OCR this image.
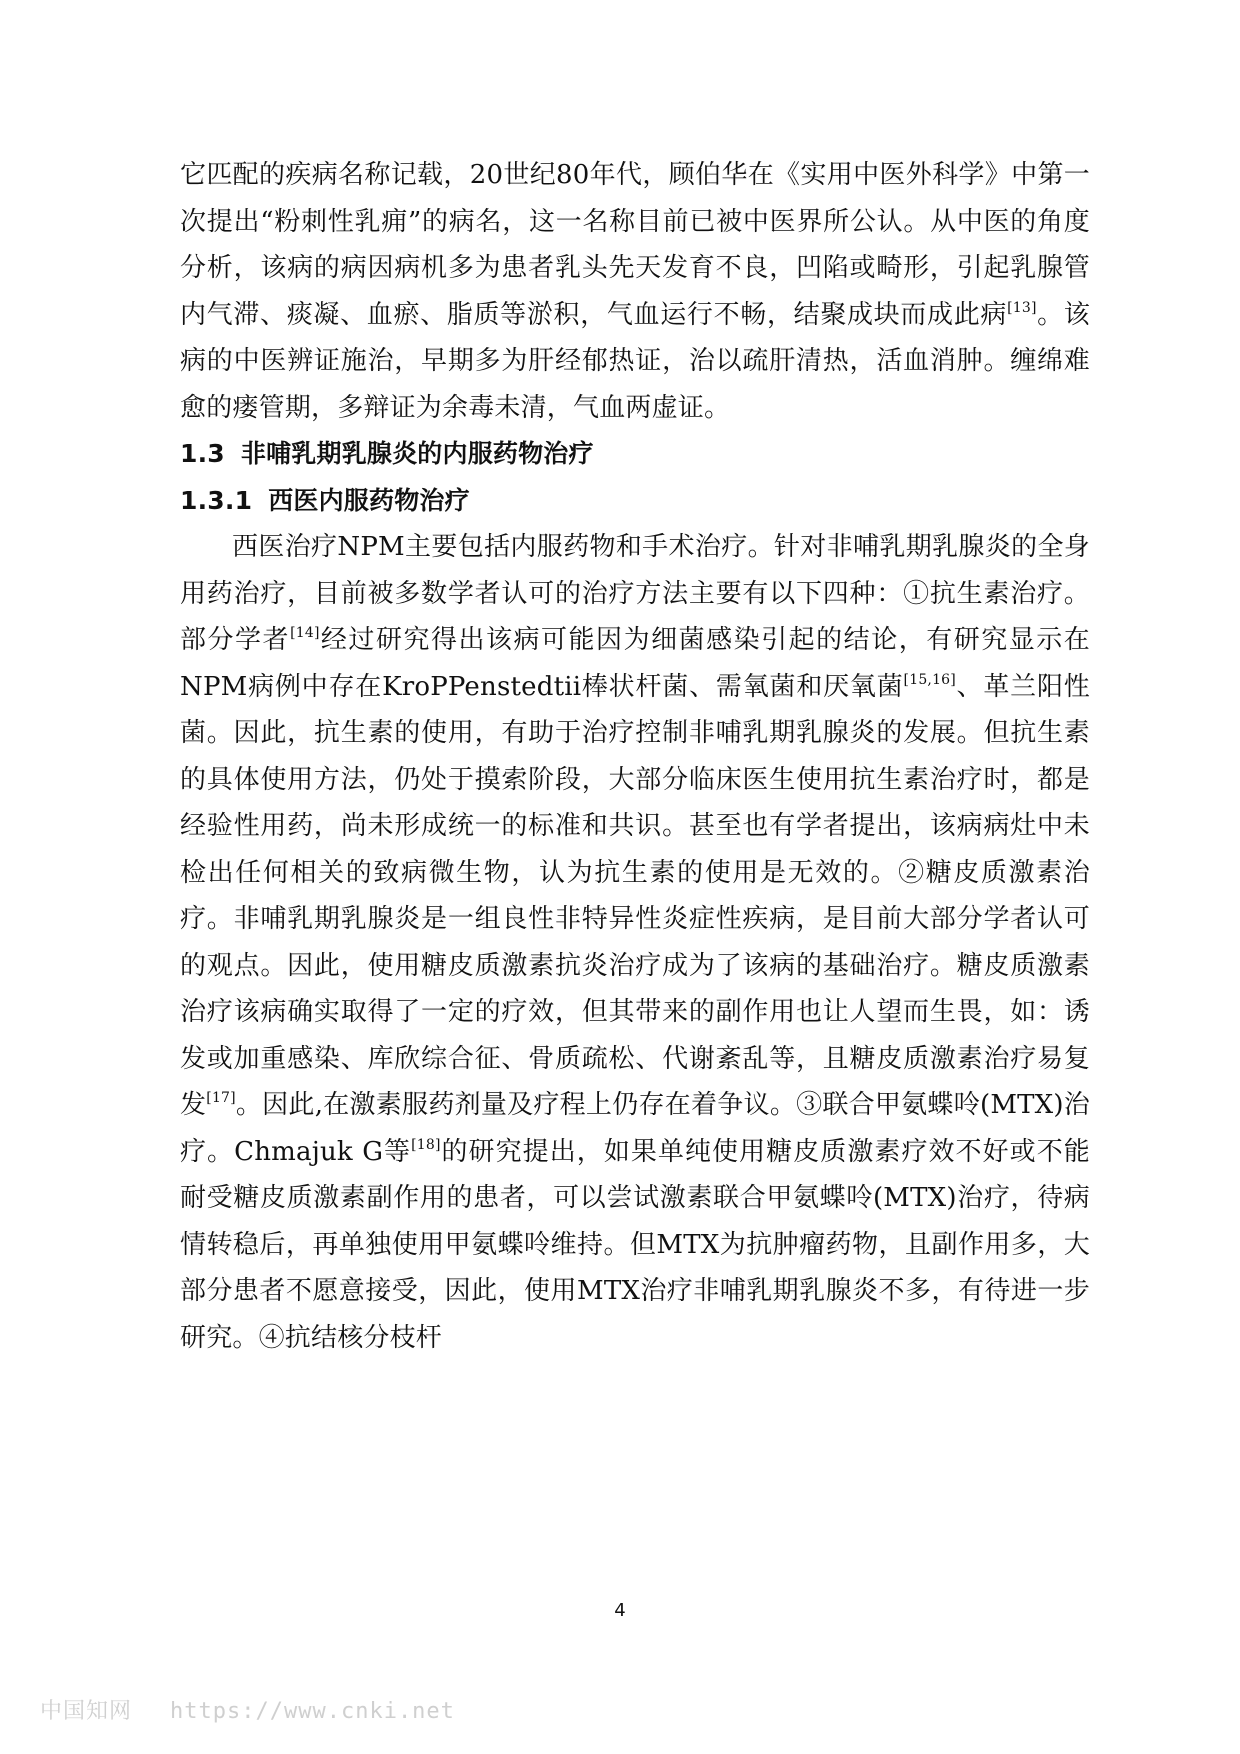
它匹配的疾病名称记载，20世纪80年代，顾伯华在《实用中医外科学》中第一次提出“粉刺性乳痈”的病名，这一名称目前已被中医界所公认。从中医的角度分析，该病的病因病机多为患者乳头先天发育不良，凹陷或畸形，引起乳腺管内气滞、痰凝、血瘀、脂质等淤积，气血运行不畅，结聚成块而成此病[13]。该病的中医辨证施治，早期多为肝经郁热证，治以疏肝清热，活血消肿。缠绵难愈的瘘管期，多辩证为余毒未清，气血两虚证。

1.3 非哺乳期乳腺炎的内服药物治疗
1.3.1 西医内服药物治疗

西医治疗NPM主要包括内服药物和手术治疗。针对非哺乳期乳腺炎的全身用药治疗，目前被多数学者认可的治疗方法主要有以下四种：①抗生素治疗。部分学者[14]经过研究得出该病可能因为细菌感染引起的结论，有研究显示在NPM病例中存在KroPPenstedtii棒状杆菌、需氧菌和厌氧菌[15,16]、革兰阳性菌。因此，抗生素的使用，有助于治疗控制非哺乳期乳腺炎的发展。但抗生素的具体使用方法，仍处于摸索阶段，大部分临床医生使用抗生素治疗时，都是经验性用药，尚未形成统一的标准和共识。甚至也有学者提出，该病病灶中未检出任何相关的致病微生物，认为抗生素的使用是无效的。②糖皮质激素治疗。非哺乳期乳腺炎是一组良性非特异性炎症性疾病，是目前大部分学者认可的观点。因此，使用糖皮质激素抗炎治疗成为了该病的基础治疗。糖皮质激素治疗该病确实取得了一定的疗效，但其带来的副作用也让人望而生畏，如：诱发或加重感染、库欣综合征、骨质疏松、代谢紊乱等，且糖皮质激素治疗易复发[17]。因此,在激素服药剂量及疗程上仍存在着争议。③联合甲氨蝶呤(MTX)治疗。Chmajuk G等[18]的研究提出，如果单纯使用糖皮质激素疗效不好或不能耐受糖皮质激素副作用的患者，可以尝试激素联合甲氨蝶呤(MTX)治疗，待病情转稳后，再单独使用甲氨蝶呤维持。但MTX为抗肿瘤药物，且副作用多，大部分患者不愿意接受，因此，使用MTX治疗非哺乳期乳腺炎不多，有待进一步研究。④抗结核分枝杆

4
中国知网 https://www.cnki.net
